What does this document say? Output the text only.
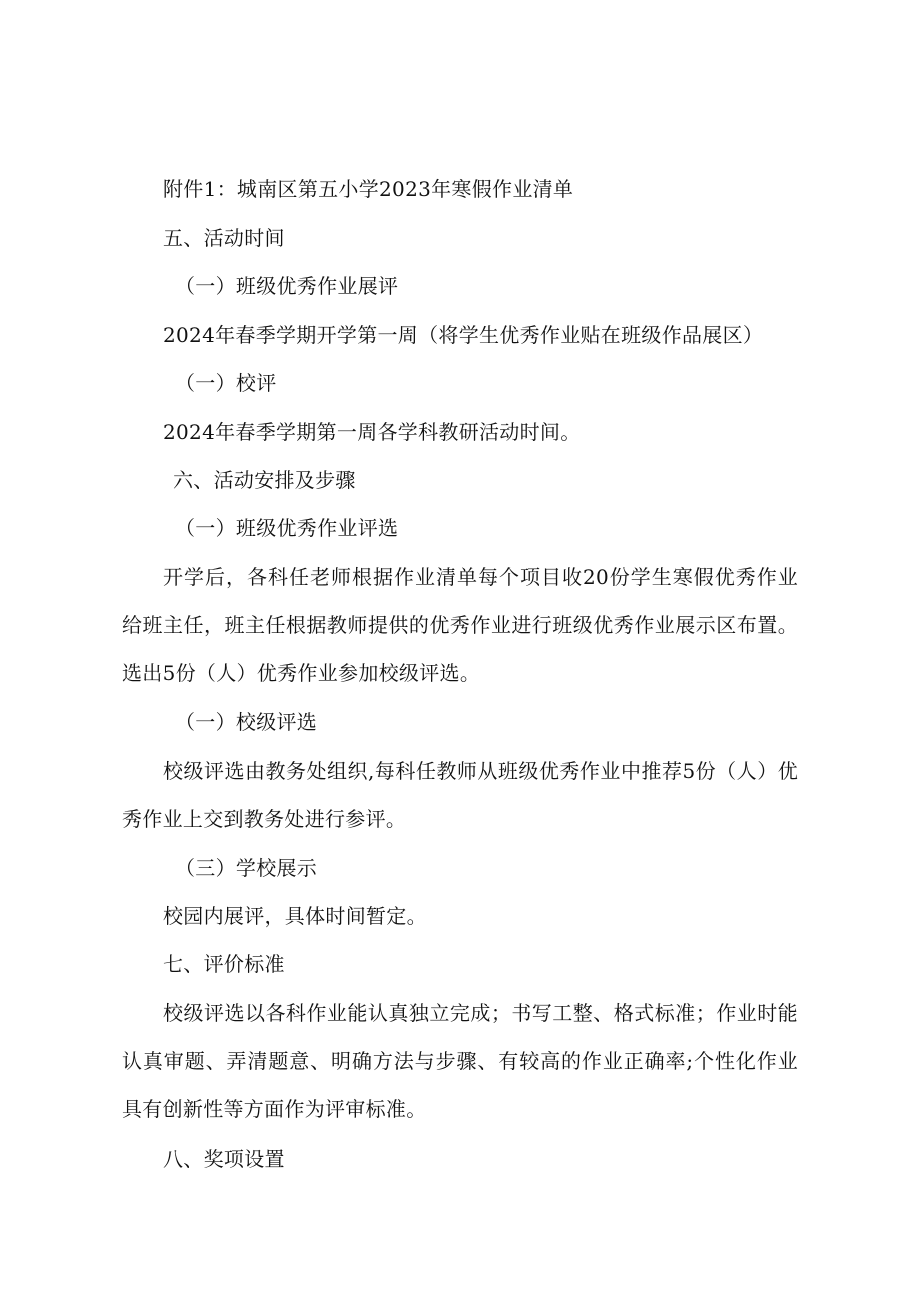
附件1：城南区第五小学2023年寒假作业清单
五、活动时间
（一）班级优秀作业展评
2024年春季学期开学第一周（将学生优秀作业贴在班级作品展区）
（一）校评
2024年春季学期第一周各学科教研活动时间。
六、活动安排及步骤
（一）班级优秀作业评选
开学后，各科任老师根据作业清单每个项目收20份学生寒假优秀作业给班主任，班主任根据教师提供的优秀作业进行班级优秀作业展示区布置。选出5份（人）优秀作业参加校级评选。
（一）校级评选
校级评选由教务处组织,每科任教师从班级优秀作业中推荐5份（人）优秀作业上交到教务处进行参评。
（三）学校展示
校园内展评，具体时间暂定。
七、评价标准
校级评选以各科作业能认真独立完成；书写工整、格式标准；作业时能认真审题、弄清题意、明确方法与步骤、有较高的作业正确率;个性化作业具有创新性等方面作为评审标准。
八、奖项设置
